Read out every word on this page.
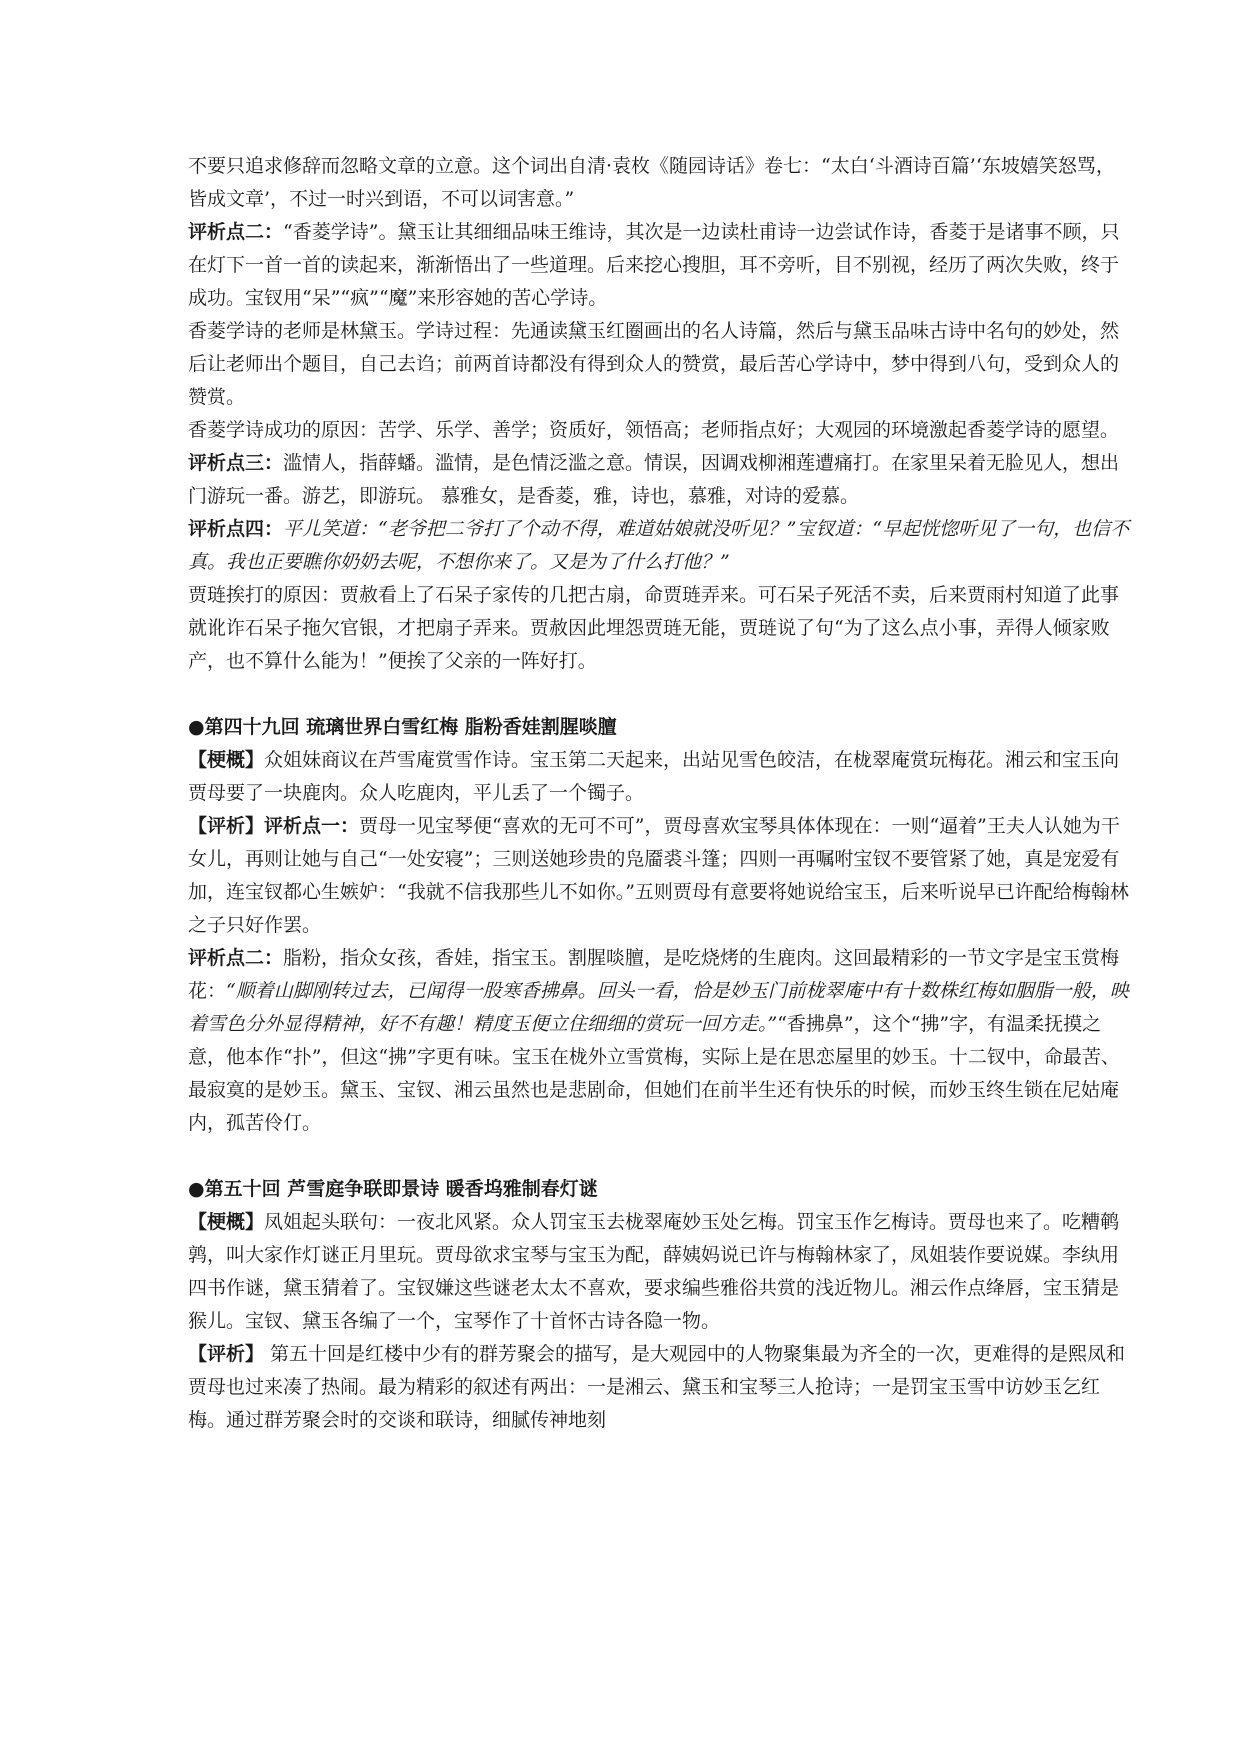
不要只追求修辞而忽略文章的立意。这个词出自清·袁枚《随园诗话》卷七：“太白‘斗酒诗百篇’‘东坡嬉笑怒骂，皆成文章’，不过一时兴到语，不可以词害意。”

评析点二：“香菱学诗”。黛玉让其细细品味王维诗，其次是一边读杜甫诗一边尝试作诗，香菱于是诸事不顾，只在灯下一首一首的读起来，渐渐悟出了一些道理。后来挖心搜胆，耳不旁听，目不别视，经历了两次失败，终于成功。宝钗用“呆”“疯”“魔”来形容她的苦心学诗。

香菱学诗的老师是林黛玉。学诗过程：先通读黛玉红圈画出的名人诗篇，然后与黛玉品味古诗中名句的妙处，然后让老师出个题目，自己去诌；前两首诗都没有得到众人的赞赏，最后苦心学诗中，梦中得到八句，受到众人的赞赏。

香菱学诗成功的原因：苦学、乐学、善学；资质好，领悟高；老师指点好；大观园的环境激起香菱学诗的愿望。

评析点三：滥情人，指薛蟠。滥情，是色情泛滥之意。情误，因调戏柳湘莲遭痛打。在家里呆着无脸见人，想出门游玩一番。游艺，即游玩。 慕雅女，是香菱，雅，诗也，慕雅，对诗的爱慕。

评析点四：平儿笑道：“老爷把二爷打了个动不得，难道姑娘就没听见？”宝钗道：“早起恍惚听见了一句，也信不真。我也正要瞧你奶奶去呢，不想你来了。又是为了什么打他？”

贾琏挨打的原因：贾赦看上了石呆子家传的几把古扇，命贾琏弄来。可石呆子死活不卖，后来贾雨村知道了此事就讹诈石呆子拖欠官银，才把扇子弄来。贾赦因此埋怨贾琏无能，贾琏说了句“为了这么点小事，弄得人倾家败产，也不算什么能为！”便挨了父亲的一阵好打。

●第四十九回 琉璃世界白雪红梅 脂粉香娃割腥啖膻

【梗概】众姐妹商议在芦雪庵赏雪作诗。宝玉第二天起来，出站见雪色皎洁，在栊翠庵赏玩梅花。湘云和宝玉向贾母要了一块鹿肉。众人吃鹿肉，平儿丢了一个镯子。

【评析】评析点一：贾母一见宝琴便“喜欢的无可不可”，贾母喜欢宝琴具体体现在：一则“逼着”王夫人认她为干女儿，再则让她与自己“一处安寝”；三则送她珍贵的凫靥裘斗篷；四则一再嘱咐宝钗不要管紧了她，真是宠爱有加，连宝钗都心生嫉妒：“我就不信我那些儿不如你。”五则贾母有意要将她说给宝玉，后来听说早已许配给梅翰林之子只好作罢。

评析点二：脂粉，指众女孩，香娃，指宝玉。割腥啖膻，是吃烧烤的生鹿肉。这回最精彩的一节文字是宝玉赏梅花：“顺着山脚刚转过去，已闻得一股寒香拂鼻。回头一看，恰是妙玉门前栊翠庵中有十数株红梅如胭脂一般，映着雪色分外显得精神，好不有趣！精度玉便立住细细的赏玩一回方走。”“香拂鼻”，这个“拂”字，有温柔抚摸之意，他本作“扑”，但这“拂”字更有味。宝玉在栊外立雪赏梅，实际上是在思恋屋里的妙玉。十二钗中，命最苦、最寂寞的是妙玉。黛玉、宝钗、湘云虽然也是悲剧命，但她们在前半生还有快乐的时候，而妙玉终生锁在尼姑庵内，孤苦伶仃。

●第五十回 芦雪庭争联即景诗 暖香坞雅制春灯谜

【梗概】凤姐起头联句：一夜北风紧。众人罚宝玉去栊翠庵妙玉处乞梅。罚宝玉作乞梅诗。贾母也来了。吃糟鹌鹑，叫大家作灯谜正月里玩。贾母欲求宝琴与宝玉为配，薛姨妈说已许与梅翰林家了，凤姐装作要说媒。李纨用四书作谜，黛玉猜着了。宝钗嫌这些谜老太太不喜欢，要求编些雅俗共赏的浅近物儿。湘云作点绛唇，宝玉猜是猴儿。宝钗、黛玉各编了一个，宝琴作了十首怀古诗各隐一物。

【评析】 第五十回是红楼中少有的群芳聚会的描写，是大观园中的人物聚集最为齐全的一次，更难得的是熙凤和贾母也过来凑了热闹。最为精彩的叙述有两出：一是湘云、黛玉和宝琴三人抢诗；一是罚宝玉雪中访妙玉乞红梅。通过群芳聚会时的交谈和联诗，细腻传神地刻
